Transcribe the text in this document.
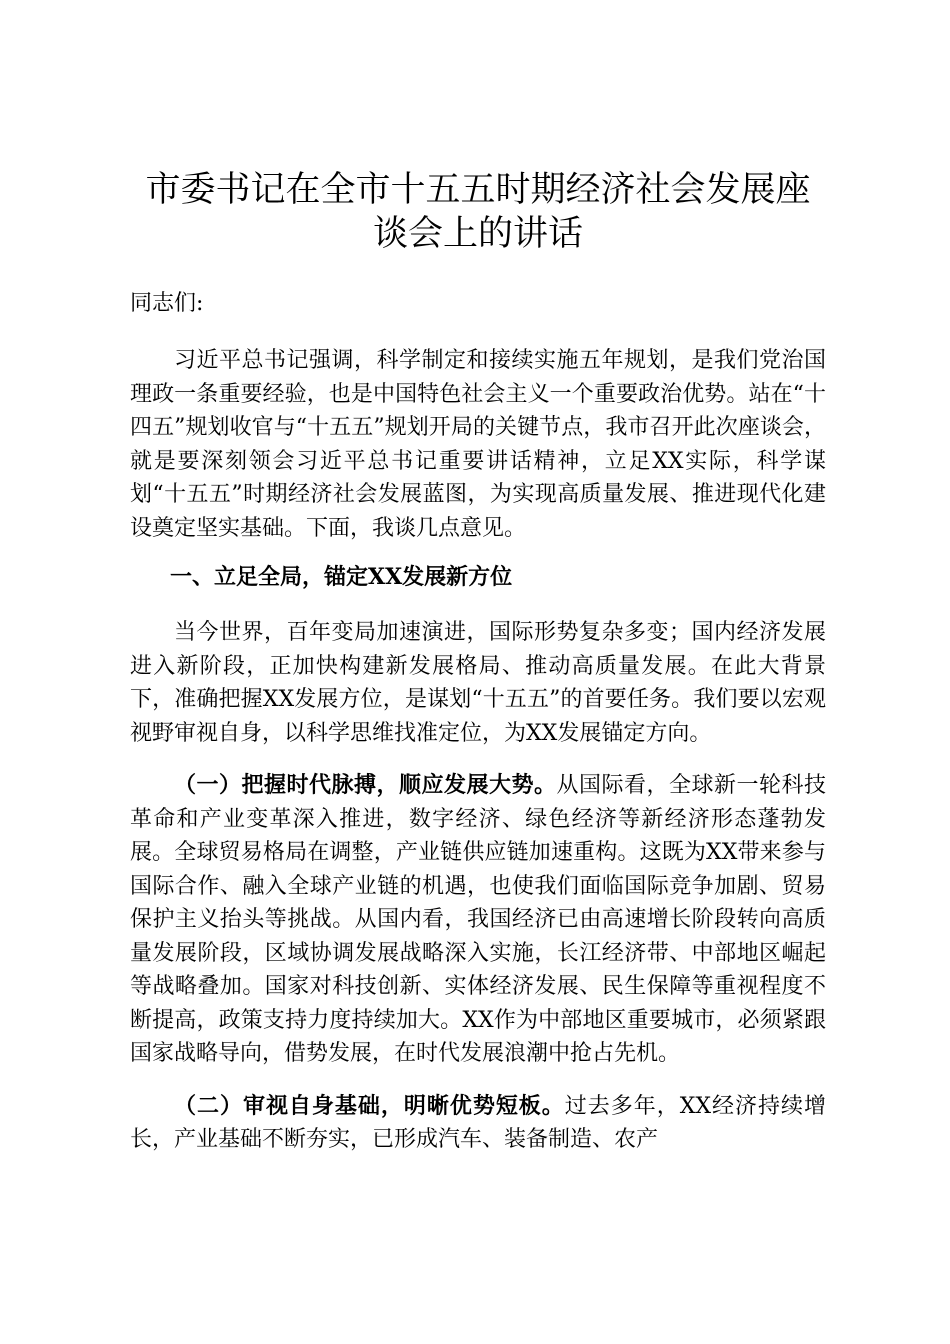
市委书记在全市十五五时期经济社会发展座谈会上的讲话

同志们:

习近平总书记强调，科学制定和接续实施五年规划，是我们党治国理政一条重要经验，也是中国特色社会主义一个重要政治优势。站在“十四五”规划收官与“十五五”规划开局的关键节点，我市召开此次座谈会，就是要深刻领会习近平总书记重要讲话精神，立足XX实际，科学谋划“十五五”时期经济社会发展蓝图，为实现高质量发展、推进现代化建设奠定坚实基础。下面，我谈几点意见。

一、立足全局，锚定XX发展新方位

当今世界，百年变局加速演进，国际形势复杂多变；国内经济发展进入新阶段，正加快构建新发展格局、推动高质量发展。在此大背景下，准确把握XX发展方位，是谋划“十五五”的首要任务。我们要以宏观视野审视自身，以科学思维找准定位，为XX发展锚定方向。

（一）把握时代脉搏，顺应发展大势。从国际看，全球新一轮科技革命和产业变革深入推进，数字经济、绿色经济等新经济形态蓬勃发展。全球贸易格局在调整，产业链供应链加速重构。这既为XX带来参与国际合作、融入全球产业链的机遇，也使我们面临国际竞争加剧、贸易保护主义抬头等挑战。从国内看，我国经济已由高速增长阶段转向高质量发展阶段，区域协调发展战略深入实施，长江经济带、中部地区崛起等战略叠加。国家对科技创新、实体经济发展、民生保障等重视程度不断提高，政策支持力度持续加大。XX作为中部地区重要城市，必须紧跟国家战略导向，借势发展，在时代发展浪潮中抢占先机。

（二）审视自身基础，明晰优势短板。过去多年，XX经济持续增长，产业基础不断夯实，已形成汽车、装备制造、农产
